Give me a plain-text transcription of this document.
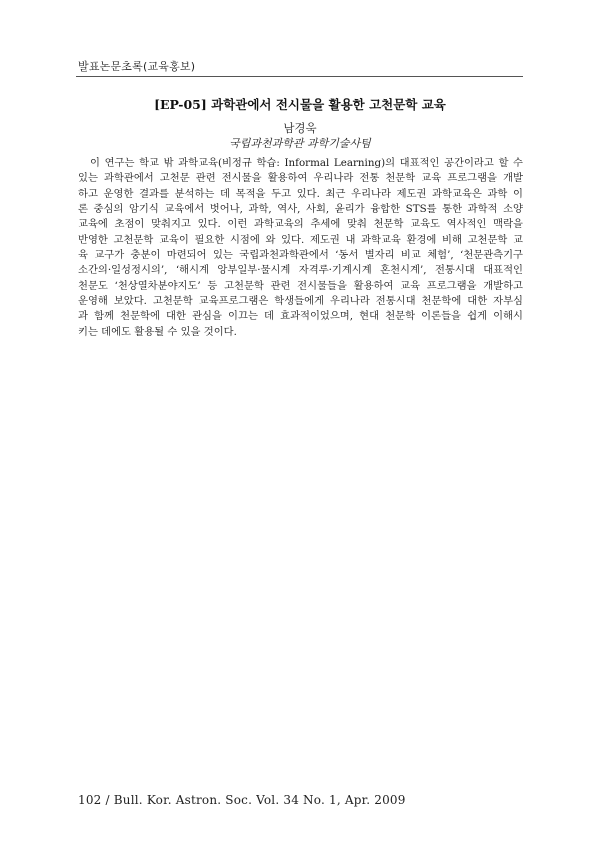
발표논문초록(교육홍보)
[EP-05] 과학관에서 전시물을 활용한 고천문학 교육
남경욱
국립과천과학관 과학기술사팀
이 연구는 학교 밖 과학교육(비정규 학습: Informal Learning)의 대표적인 공간이라고 할 수
있는 과학관에서 고천문 관련 전시물을 활용하여 우리나라 전통 천문학 교육 프로그램을 개발
하고 운영한 결과를 분석하는 데 목적을 두고 있다. 최근 우리나라 제도권 과학교육은 과학 이
론 중심의 암기식 교육에서 벗어나, 과학, 역사, 사회, 윤리가 융합한 STS를 통한 과학적 소양
교육에 초점이 맞춰지고 있다. 이런 과학교육의 추세에 맞춰 천문학 교육도 역사적인 맥락을
반영한 고천문학 교육이 필요한 시점에 와 있다. 제도권 내 과학교육 환경에 비해 고천문학 교
육 교구가 충분이 마련되어 있는 국립과천과학관에서 ‘동서 별자리 비교 체험’, ‘천문관측기구
소간의·일성정시의’, ‘해시계 앙부일부·물시계 자격루·기계시계 혼천시계’, 전통시대 대표적인
천문도 ‘천상열차분야지도’ 등 고천문학 관련 전시물들을 활용하여 교육 프로그램을 개발하고
운영해 보았다. 고천문학 교육프로그램은 학생들에게 우리나라 전통시대 천문학에 대한 자부심
과 함께 천문학에 대한 관심을 이끄는 데 효과적이었으며, 현대 천문학 이론들을 쉽게 이해시
키는 데에도 활용될 수 있을 것이다.
102 / Bull. Kor. Astron. Soc. Vol. 34 No. 1, Apr. 2009
